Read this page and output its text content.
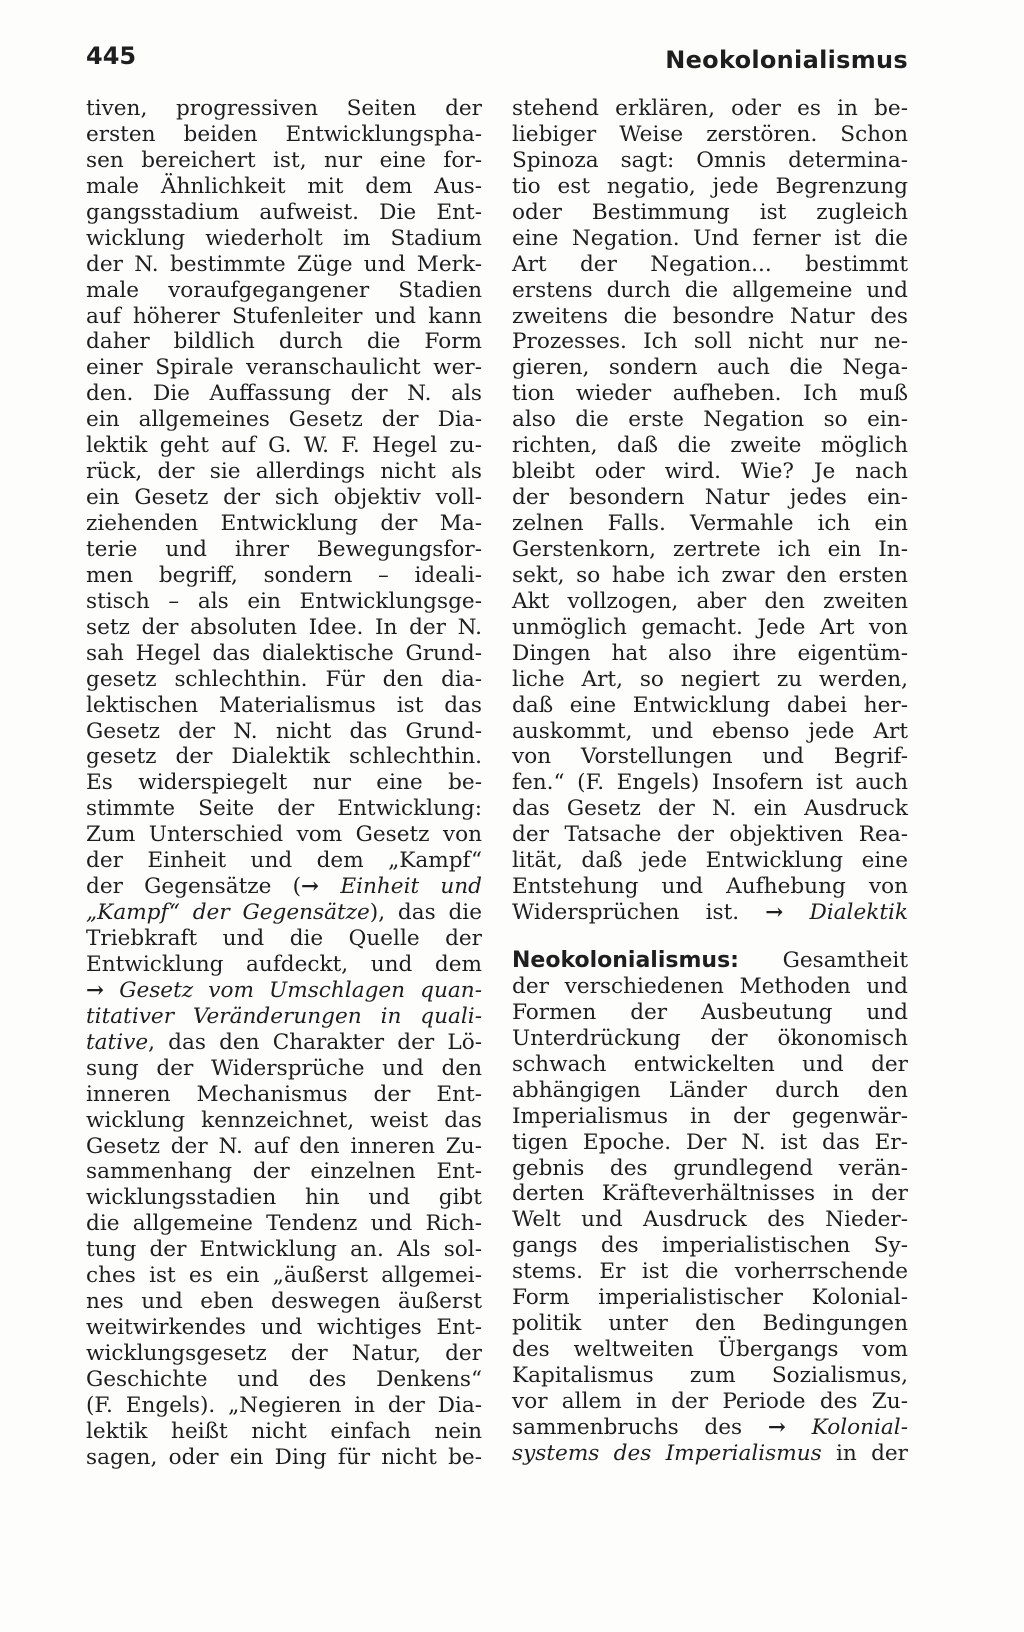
445	Neokolonialismus
tiven, progressiven Seiten der
ersten beiden Entwicklungspha-
sen bereichert ist, nur eine for-
male Ähnlichkeit mit dem Aus-
gangsstadium aufweist. Die Ent-
wicklung wiederholt im Stadium
der N. bestimmte Züge und Merk-
male voraufgegangener Stadien
auf höherer Stufenleiter und kann
daher bildlich durch die Form
einer Spirale veranschaulicht wer-
den. Die Auffassung der N. als
ein allgemeines Gesetz der Dia-
lektik geht auf G. W. F. Hegel zu-
rück, der sie allerdings nicht als
ein Gesetz der sich objektiv voll-
ziehenden Entwicklung der Ma-
terie und ihrer Bewegungsfor-
men begriff, sondern – ideali-
stisch – als ein Entwicklungsge-
setz der absoluten Idee. In der N.
sah Hegel das dialektische Grund-
gesetz schlechthin. Für den dia-
lektischen Materialismus ist das
Gesetz der N. nicht das Grund-
gesetz der Dialektik schlechthin.
Es widerspiegelt nur eine be-
stimmte Seite der Entwicklung:
Zum Unterschied vom Gesetz von
der Einheit und dem „Kampf“
der Gegensätze (→ Einheit und
„Kampf“ der Gegensätze), das die
Triebkraft und die Quelle der
Entwicklung aufdeckt, und dem
→ Gesetz vom Umschlagen quan-
titativer Veränderungen in quali-
tative, das den Charakter der Lö-
sung der Widersprüche und den
inneren Mechanismus der Ent-
wicklung kennzeichnet, weist das
Gesetz der N. auf den inneren Zu-
sammenhang der einzelnen Ent-
wicklungsstadien hin und gibt
die allgemeine Tendenz und Rich-
tung der Entwicklung an. Als sol-
ches ist es ein „äußerst allgemei-
nes und eben deswegen äußerst
weitwirkendes und wichtiges Ent-
wicklungsgesetz der Natur, der
Geschichte und des Denkens“
(F. Engels). „Negieren in der Dia-
lektik heißt nicht einfach nein
sagen, oder ein Ding für nicht be-
stehend erklären, oder es in be-
liebiger Weise zerstören. Schon
Spinoza sagt: Omnis determina-
tio est negatio, jede Begrenzung
oder Bestimmung ist zugleich
eine Negation. Und ferner ist die
Art der Negation... bestimmt
erstens durch die allgemeine und
zweitens die besondre Natur des
Prozesses. Ich soll nicht nur ne-
gieren, sondern auch die Nega-
tion wieder aufheben. Ich muß
also die erste Negation so ein-
richten, daß die zweite möglich
bleibt oder wird. Wie? Je nach
der besondern Natur jedes ein-
zelnen Falls. Vermahle ich ein
Gerstenkorn, zertrete ich ein In-
sekt, so habe ich zwar den ersten
Akt vollzogen, aber den zweiten
unmöglich gemacht. Jede Art von
Dingen hat also ihre eigentüm-
liche Art, so negiert zu werden,
daß eine Entwicklung dabei her-
auskommt, und ebenso jede Art
von Vorstellungen und Begrif-
fen.“ (F. Engels) Insofern ist auch
das Gesetz der N. ein Ausdruck
der Tatsache der objektiven Rea-
lität, daß jede Entwicklung eine
Entstehung und Aufhebung von
Widersprüchen ist. → Dialektik
Neokolonialismus: Gesamtheit
der verschiedenen Methoden und
Formen der Ausbeutung und
Unterdrückung der ökonomisch
schwach entwickelten und der
abhängigen Länder durch den
Imperialismus in der gegenwär-
tigen Epoche. Der N. ist das Er-
gebnis des grundlegend verän-
derten Kräfteverhältnisses in der
Welt und Ausdruck des Nieder-
gangs des imperialistischen Sy-
stems. Er ist die vorherrschende
Form imperialistischer Kolonial-
politik unter den Bedingungen
des weltweiten Übergangs vom
Kapitalismus zum Sozialismus,
vor allem in der Periode des Zu-
sammenbruchs des → Kolonial-
systems des Imperialismus in der
